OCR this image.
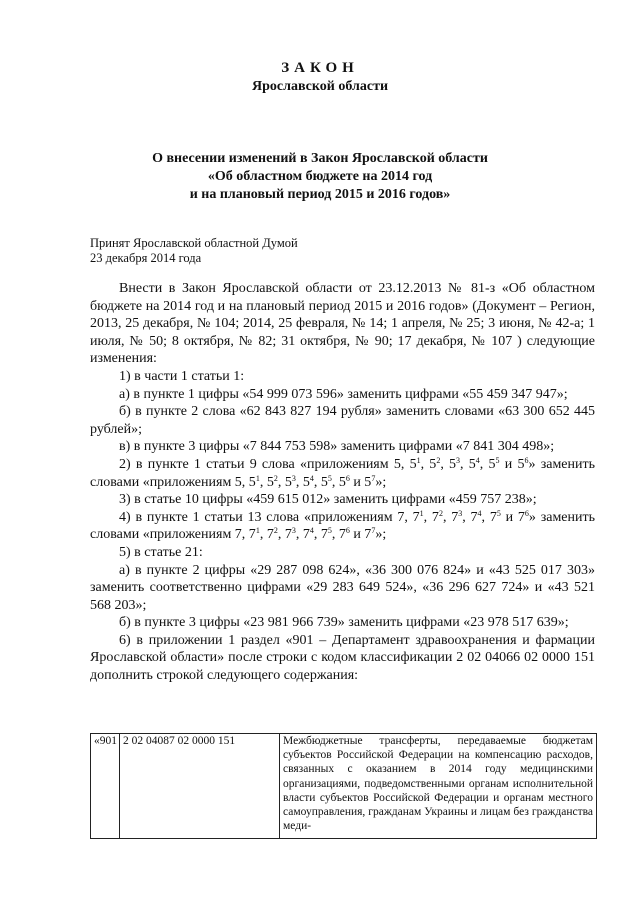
ЗАКОН
Ярославской области
О внесении изменений в Закон Ярославской области
«Об областном бюджете на 2014 год
и на плановый период 2015 и 2016 годов»
Принят Ярославской областной Думой
23 декабря 2014 года

Внести в Закон Ярославской области от 23.12.2013 № 81-з «Об областном бюджете на 2014 год и на плановый период 2015 и 2016 годов» (Документ – Регион, 2013, 25 декабря, № 104; 2014, 25 февраля, № 14; 1 апреля, № 25; 3 июня, № 42-а; 1 июля, № 50; 8 октября, № 82; 31 октября, № 90; 17 декабря, № 107 ) следующие изменения:

1) в части 1 статьи 1:

а) в пункте 1 цифры «54 999 073 596» заменить цифрами «55 459 347 947»;

б) в пункте 2 слова «62 843 827 194 рубля» заменить словами «63 300 652 445 рублей»;

в) в пункте 3 цифры «7 844 753 598» заменить цифрами «7 841 304 498»;

2) в пункте 1 статьи 9 слова «приложениям 5, $5^1$, $5^2$, $5^3$, $5^4$, $5^5$ и $5^6$» заменить словами «приложениям 5, $5^1$, $5^2$, $5^3$, $5^4$, $5^5$, $5^6$ и $5^7$»;

3) в статье 10 цифры «459 615 012» заменить цифрами «459 757 238»;

4) в пункте 1 статьи 13 слова «приложениям 7, $7^1$, $7^2$, $7^3$, $7^4$, $7^5$ и $7^6$» заменить словами «приложениям 7, $7^1$, $7^2$, $7^3$, $7^4$, $7^5$, $7^6$ и $7^7$»;

5) в статье 21:

а) в пункте 2 цифры «29 287 098 624», «36 300 076 824» и «43 525 017 303» заменить соответственно цифрами «29 283 649 524», «36 296 627 724» и «43 521 568 203»;

б) в пункте 3 цифры «23 981 966 739» заменить цифрами «23 978 517 639»;

6) в приложении 1 раздел «901 – Департамент здравоохранения и фармации Ярославской области» после строки с кодом классификации 2 02 04066 02 0000 151 дополнить строкой следующего содержания:

«901	2 02 04087 02 0000 151	Межбюджетные трансферты, передаваемые бюджетам субъектов Российской Федерации на компенсацию расходов, связанных с оказанием в 2014 году медицинскими организациями, подведомственными органам исполнительной власти субъектов Российской Федерации и органам местного самоуправления, гражданам Украины и лицам без гражданства меди-
